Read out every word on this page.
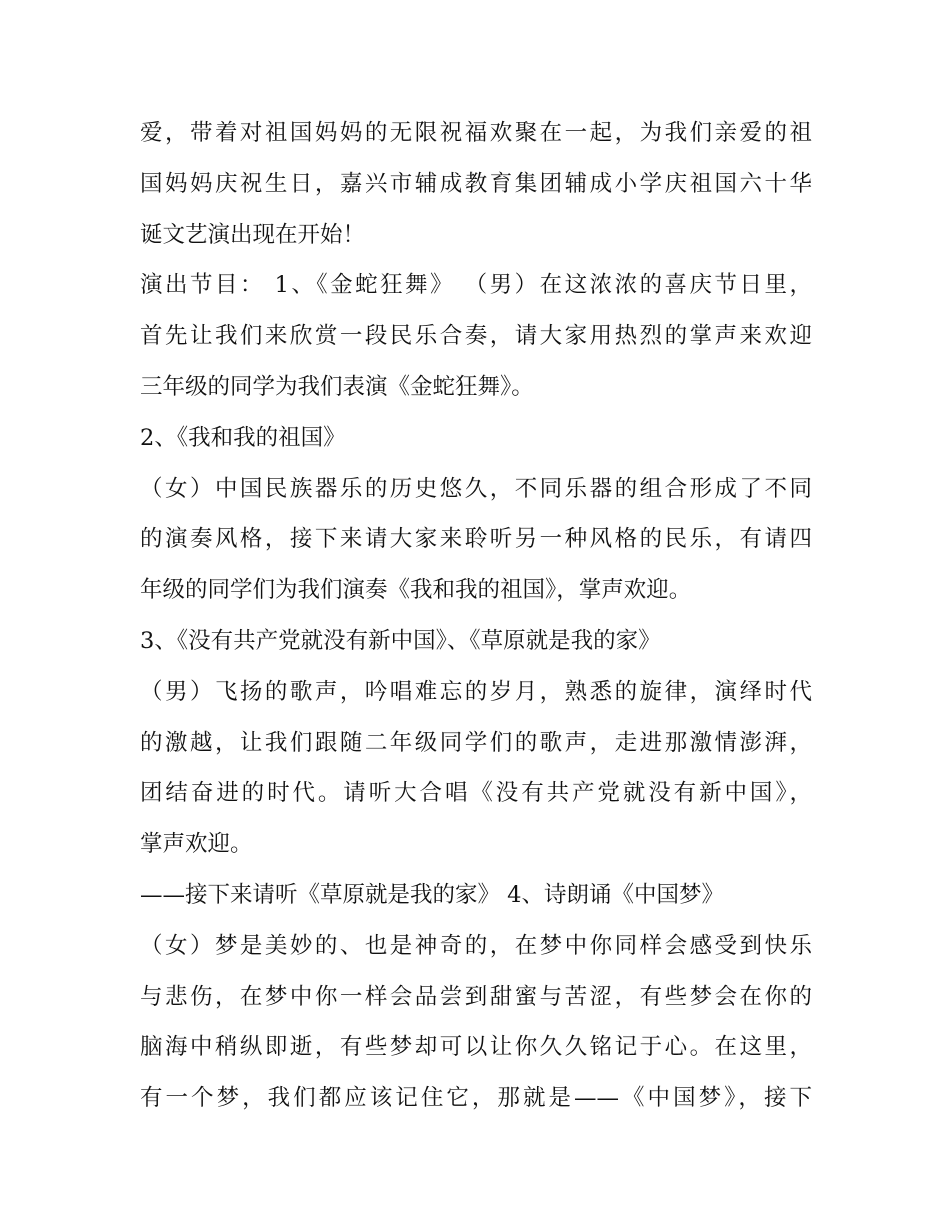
爱，带着对祖国妈妈的无限祝福欢聚在一起，为我们亲爱的祖
国妈妈庆祝生日，嘉兴市辅成教育集团辅成小学庆祖国六十华
诞文艺演出现在开始！
演出节目： 1、《金蛇狂舞》 （男）在这浓浓的喜庆节日里，
首先让我们来欣赏一段民乐合奏，请大家用热烈的掌声来欢迎
三年级的同学为我们表演《金蛇狂舞》。
2、《我和我的祖国》
（女）中国民族器乐的历史悠久，不同乐器的组合形成了不同
的演奏风格，接下来请大家来聆听另一种风格的民乐，有请四
年级的同学们为我们演奏《我和我的祖国》，掌声欢迎。
3、《没有共产党就没有新中国》、《草原就是我的家》
（男）飞扬的歌声，吟唱难忘的岁月，熟悉的旋律，演绎时代
的激越，让我们跟随二年级同学们的歌声，走进那激情澎湃，
团结奋进的时代。请听大合唱《没有共产党就没有新中国》，
掌声欢迎。
——接下来请听《草原就是我的家》 4、诗朗诵《中国梦》
（女）梦是美妙的、也是神奇的，在梦中你同样会感受到快乐
与悲伤，在梦中你一样会品尝到甜蜜与苦涩，有些梦会在你的
脑海中稍纵即逝，有些梦却可以让你久久铭记于心。在这里，
有一个梦，我们都应该记住它，那就是——《中国梦》，接下
